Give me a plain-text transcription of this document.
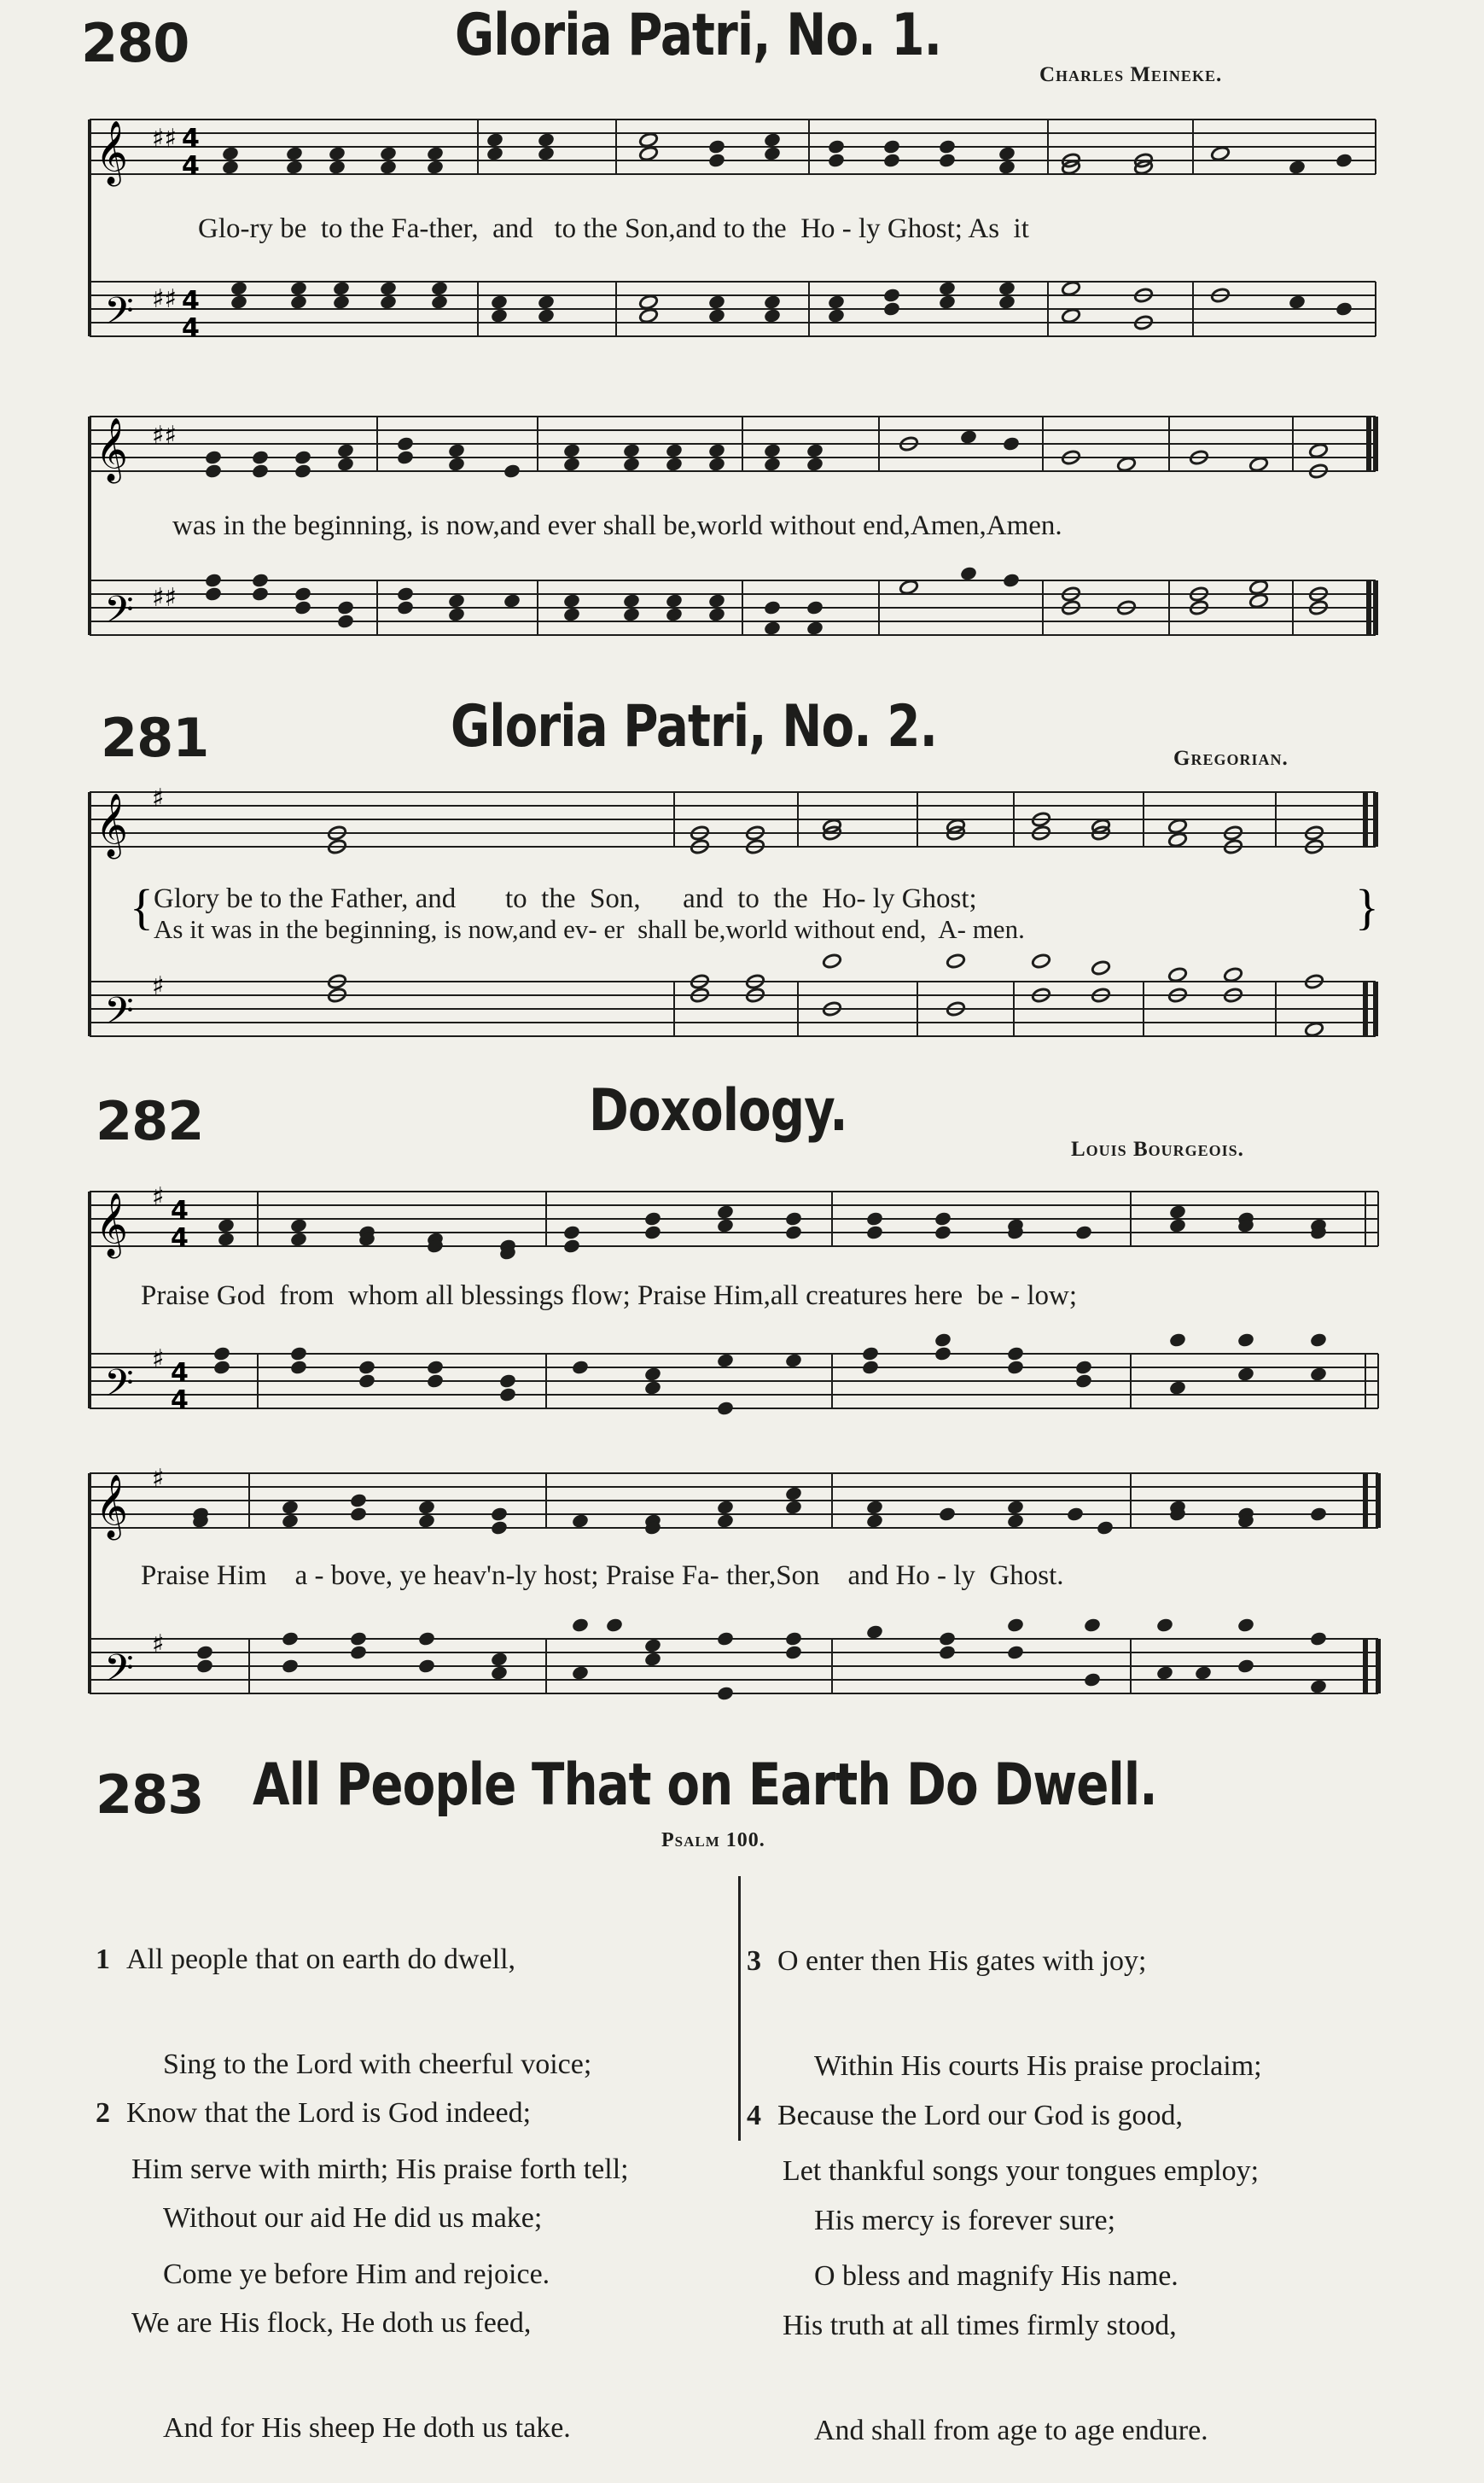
280	Gloria Patri, No. 1.
Charles Meineke.
𝄞
𝄢
♯♯
♯♯
4
4
4
4
𝄞
𝄢
♯♯
♯♯
𝄞
𝄢
♯
♯
{	}
𝄞
𝄢
♯
♯
4
4
4
4
𝄞
𝄢
♯
♯
Glo-ry be  to the Fa-ther,  and   to the Son,and to the  Ho - ly Ghost; As  it
was in the beginning, is now,and ever shall be,world without end,Amen,Amen.
281	Gloria Patri, No. 2.	Gregorian.
Glory be to the Father, and       to  the  Son,      and  to  the  Ho- ly Ghost;
As it was in the beginning, is now,and ev- er  shall be,world without end,  A- men.
282	Doxology.
Louis Bourgeois.
Praise God  from  whom all blessings flow; Praise Him,all creatures here  be - low;
Praise Him    a - bove, ye heav'n-ly host; Praise Fa- ther,Son    and Ho - ly  Ghost.
283 All People That on Earth Do Dwell.
Psalm 100.

1 All people that on earth do dwell,

Sing to the Lord with cheerful voice;

Him serve with mirth; His praise forth tell;

Come ye before Him and rejoice.

2 Know that the Lord is God indeed;

Without our aid He did us make;

We are His flock, He doth us feed,

And for His sheep He doth us take.

3 O enter then His gates with joy;

Within His courts His praise proclaim;

Let thankful songs your tongues employ;

O bless and magnify His name.

4 Because the Lord our God is good,

His mercy is forever sure;

His truth at all times firmly stood,

And shall from age to age endure.
